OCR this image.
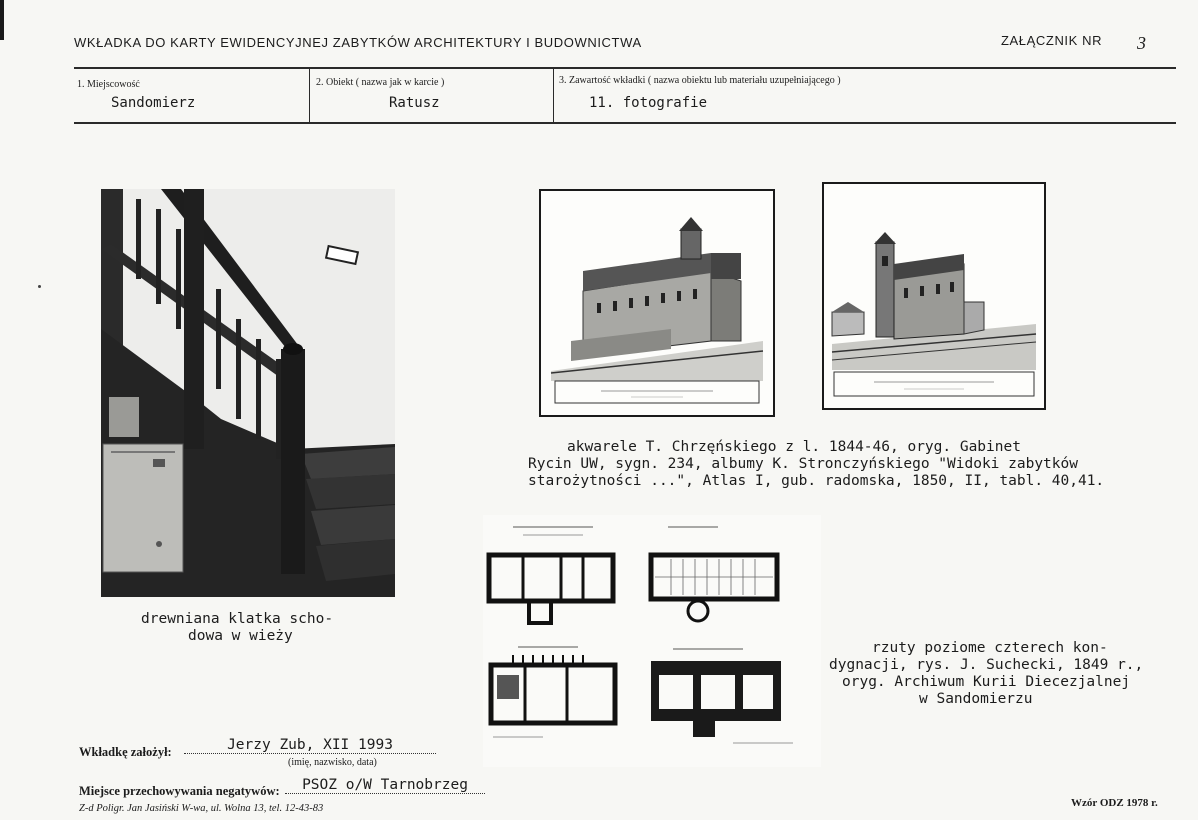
WKŁADKA DO KARTY EWIDENCYJNEJ ZABYTKÓW ARCHITEKTURY I BUDOWNICTWA	ZAŁĄCZNIK NR 3
1. Miejscowość
Sandomierz
2. Obiekt ( nazwa jak w karcie )
Ratusz
3. Zawartość wkładki ( nazwa obiektu lub materiału uzupełniającego )
11. fotografie
akwarele T. Chrzęńskiego z l. 1844-46, oryg. Gabinet
Rycin UW, sygn. 234, albumy K. Stronczyńskiego "Widoki zabytków
starożytności ...", Atlas I, gub. radomska, 1850, II, tabl. 40,41.
rzuty poziome czterech kon-
dygnacji, rys. J. Suchecki, 1849 r.,
oryg. Archiwum Kurii Diecezjalnej
w Sandomierzu
drewniana klatka scho-
dowa w wieży
Wkładkę założył:	Jerzy Zub, XII 1993
(imię, nazwisko, data)
Miejsce przechowywania negatywów:	PSOZ o/W Tarnobrzeg
Z-d Poligr. Jan Jasiński W-wa, ul. Wolna 13, tel. 12-43-83	Wzór ODZ 1978 r.
